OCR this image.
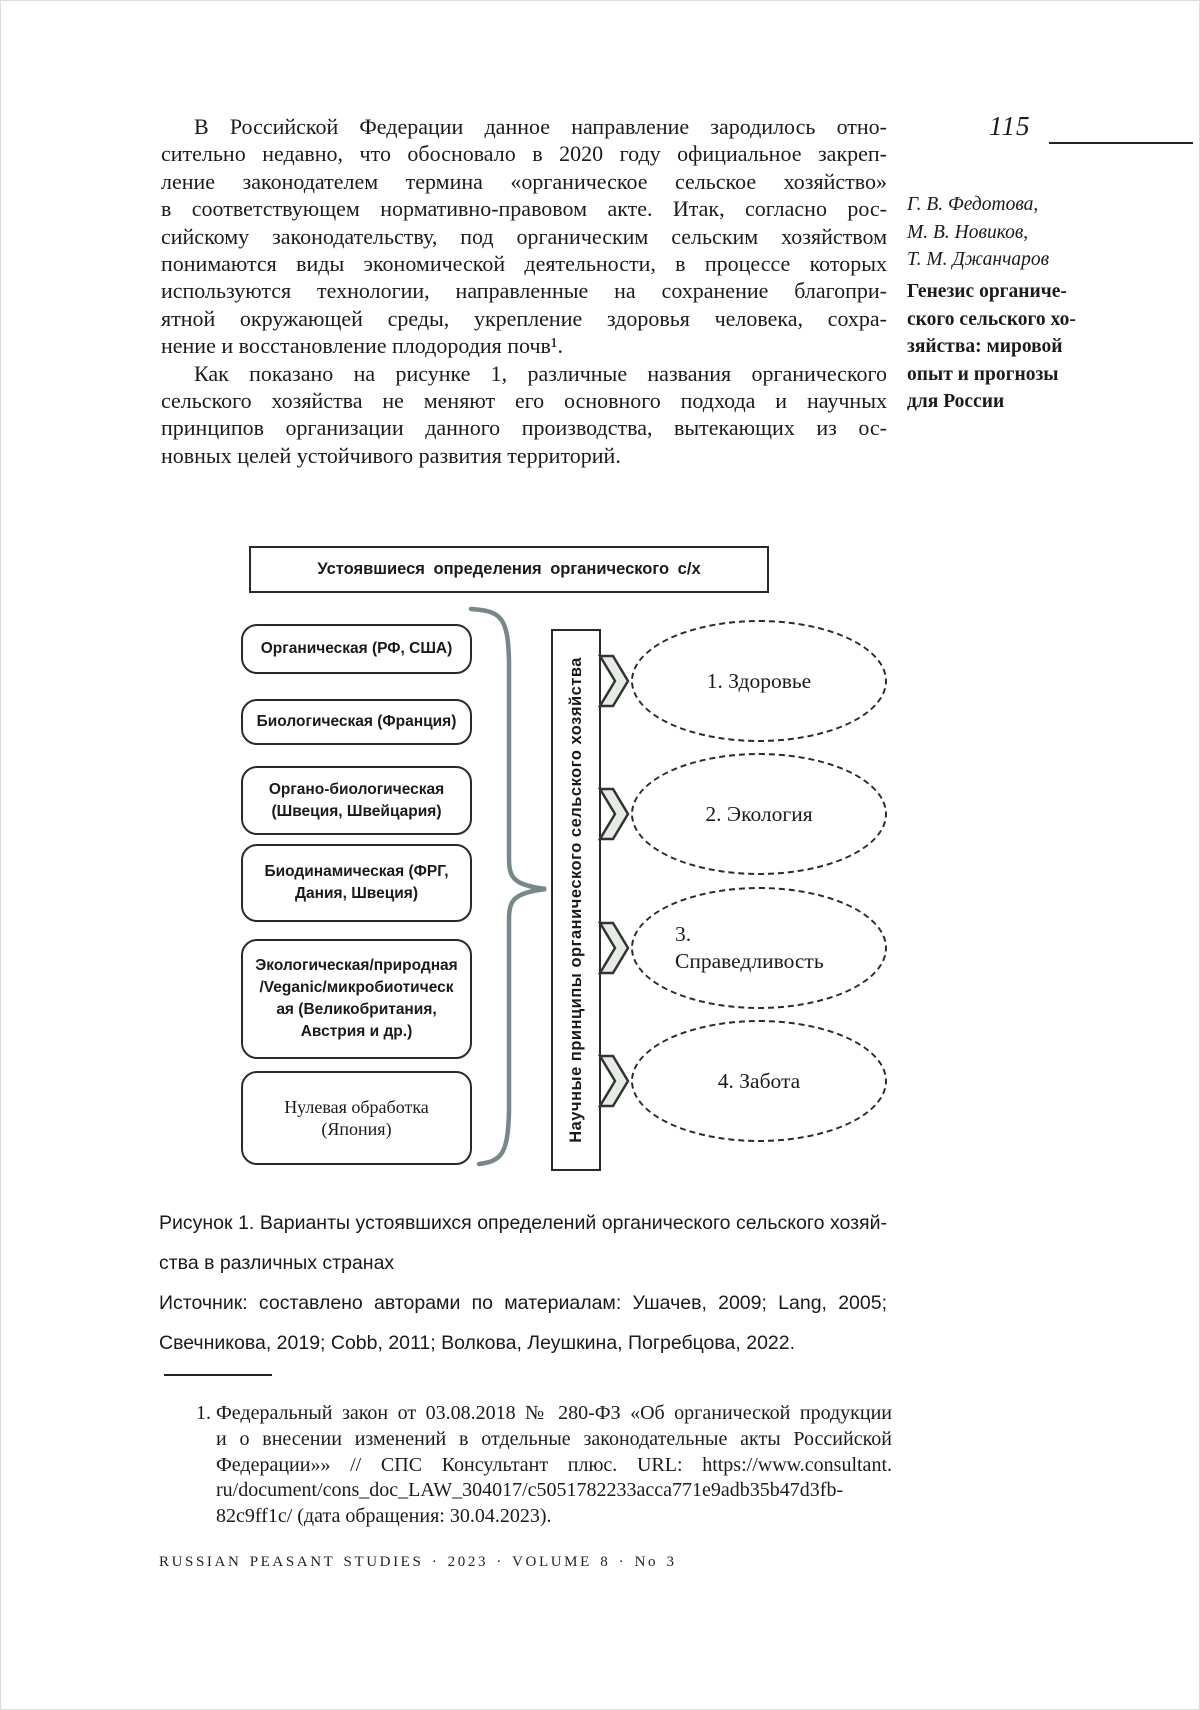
115
Г. В. Федотова,
М. В. Новиков,
Т. М. Джанчаров
Генезис органиче-
ского сельского хо-
зяйства: мировой
опыт и прогнозы
для России
В Российской Федерации данное направление зародилось отно-
сительно недавно, что обосновало в 2020 году официальное закреп-
ление законодателем термина «органическое сельское хозяйство»
в соответствующем нормативно-правовом акте. Итак, согласно рос-
сийскому законодательству, под органическим сельским хозяйством
понимаются виды экономической деятельности, в процессе которых
используются технологии, направленные на сохранение благопри-
ятной окружающей среды, укрепление здоровья человека, сохра-
нение и восстановление плодородия почв¹.
Как показано на рисунке 1, различные названия органического
сельского хозяйства не меняют его основного подхода и научных
принципов организации данного производства, вытекающих из ос-
новных целей устойчивого развития территорий.
Устоявшиеся определения органического с/х
Органическая (РФ, США)
Биологическая (Франция)
Органо-биологическая
(Швеция, Швейцария)
Биодинамическая (ФРГ,
Дания, Швеция)
Экологическая/природная
/Veganic/микробиотическ
ая (Великобритания,
Австрия и др.)
Нулевая обработка
(Япония)	Научные принципы органического сельского хозяйства	1. Здоровье
2. Экология
3.
Справедливость
4. Забота
Рисунок 1. Варианты устоявшихся определений органического сельского хозяй-
ства в различных странах
Источник: составлено авторами по материалам: Ушачев, 2009; Lang, 2005;
Свечникова, 2019; Cobb, 2011; Волкова, Леушкина, Погребцова, 2022.
1. Федеральный закон от 03.08.2018 № 280-ФЗ «Об органической продукции
и о внесении изменений в отдельные законодательные акты Российской
Федерации»» // СПС Консультант плюс. URL: https://www.consultant.
ru/document/cons_doc_LAW_304017/c5051782233acca771e9adb35b47d3fb-
82c9ff1c/ (дата обращения: 30.04.2023).
RUSSIAN PEASANT STUDIES · 2023 · VOLUME 8 · No 3
